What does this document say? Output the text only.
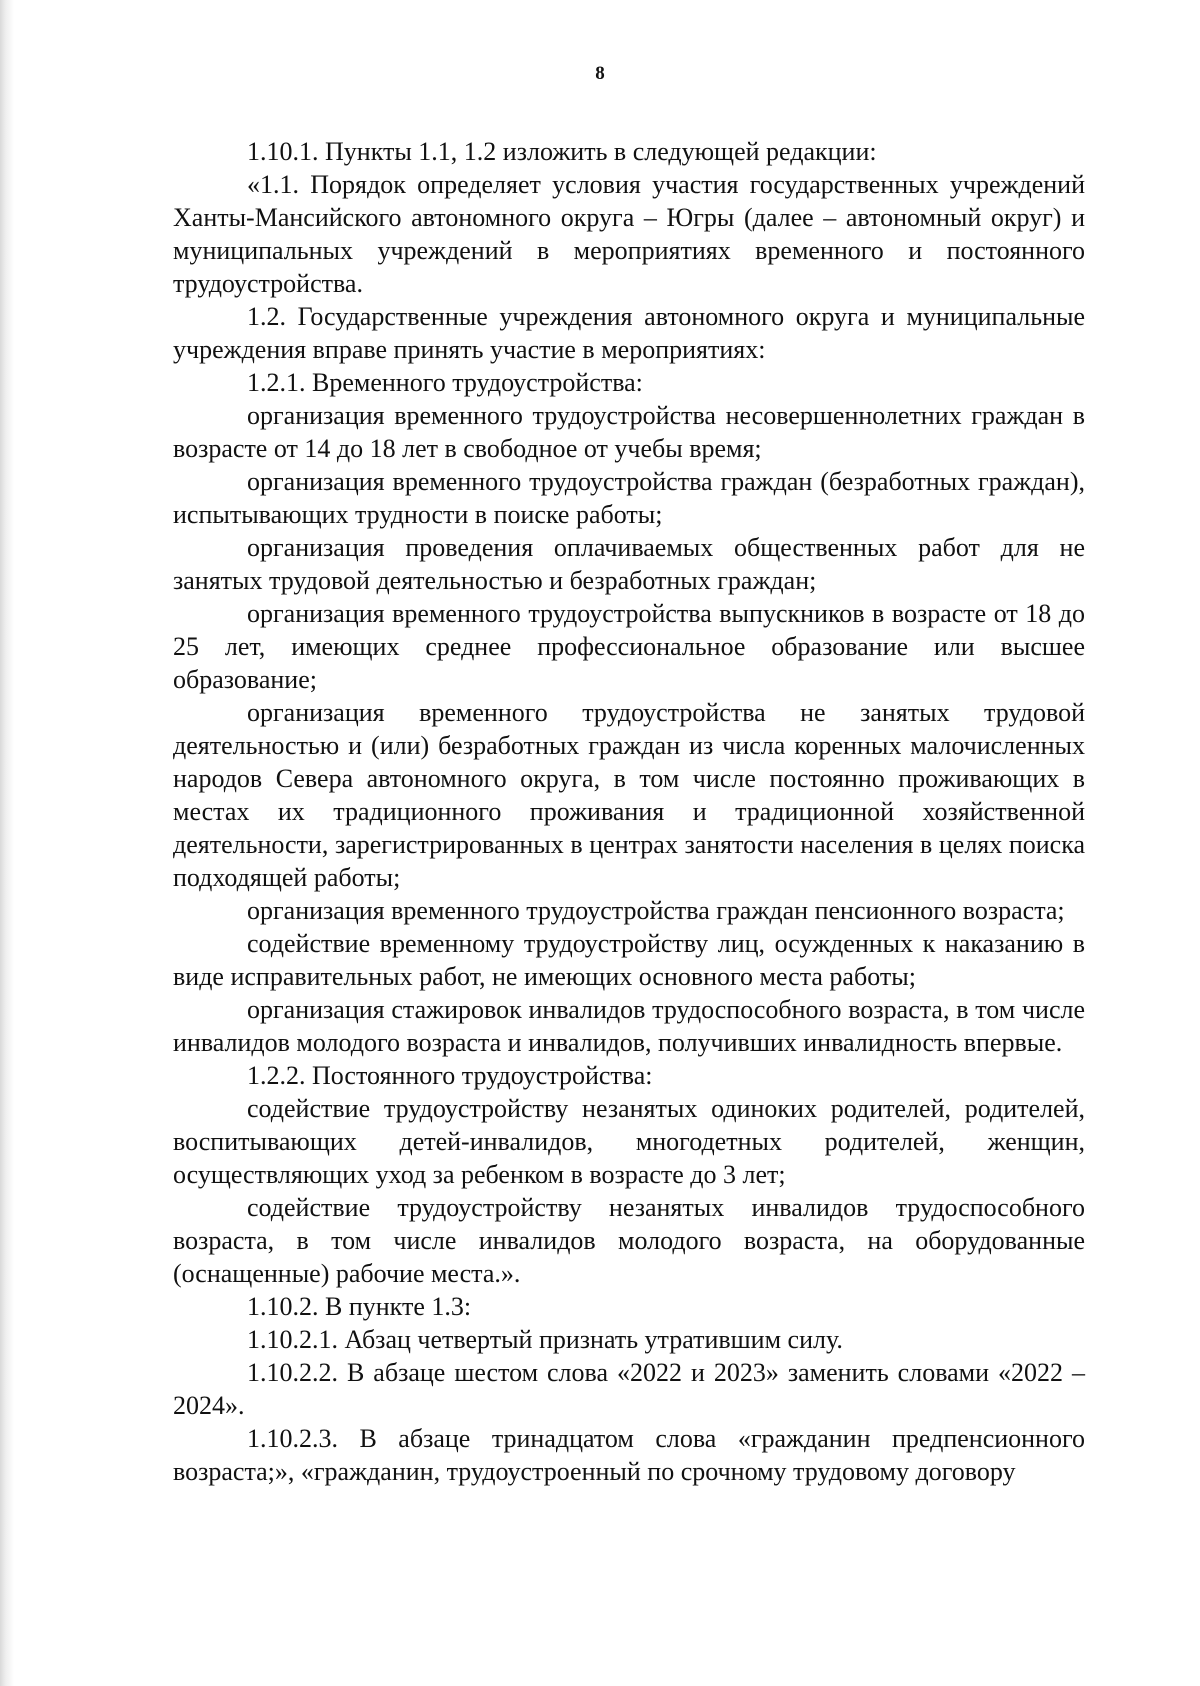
8

1.10.1. Пункты 1.1, 1.2 изложить в следующей редакции:

«1.1. Порядок определяет условия участия государственных учреждений Ханты-Мансийского автономного округа – Югры (далее – автономный округ) и муниципальных учреждений в мероприятиях временного и постоянного трудоустройства.

1.2. Государственные учреждения автономного округа и муниципальные учреждения вправе принять участие в мероприятиях:

1.2.1. Временного трудоустройства:

организация временного трудоустройства несовершеннолетних граждан в возрасте от 14 до 18 лет в свободное от учебы время;

организация временного трудоустройства граждан (безработных граждан), испытывающих трудности в поиске работы;

организация проведения оплачиваемых общественных работ для не занятых трудовой деятельностью и безработных граждан;

организация временного трудоустройства выпускников в возрасте от 18 до 25 лет, имеющих среднее профессиональное образование или высшее образование;

организация временного трудоустройства не занятых трудовой деятельностью и (или) безработных граждан из числа коренных малочисленных народов Севера автономного округа, в том числе постоянно проживающих в местах их традиционного проживания и традиционной хозяйственной деятельности, зарегистрированных в центрах занятости населения в целях поиска подходящей работы;

организация временного трудоустройства граждан пенсионного возраста;

содействие временному трудоустройству лиц, осужденных к наказанию в виде исправительных работ, не имеющих основного места работы;

организация стажировок инвалидов трудоспособного возраста, в том числе инвалидов молодого возраста и инвалидов, получивших инвалидность впервые.

1.2.2. Постоянного трудоустройства:

содействие трудоустройству незанятых одиноких родителей, родителей, воспитывающих детей-инвалидов, многодетных родителей, женщин, осуществляющих уход за ребенком в возрасте до 3 лет;

содействие трудоустройству незанятых инвалидов трудоспособного возраста, в том числе инвалидов молодого возраста, на оборудованные (оснащенные) рабочие места.».

1.10.2. В пункте 1.3:

1.10.2.1. Абзац четвертый признать утратившим силу.

1.10.2.2. В абзаце шестом слова «2022 и 2023» заменить словами «2022 – 2024».

1.10.2.3. В абзаце тринадцатом слова «гражданин предпенсионного возраста;», «гражданин, трудоустроенный по срочному трудовому договору
